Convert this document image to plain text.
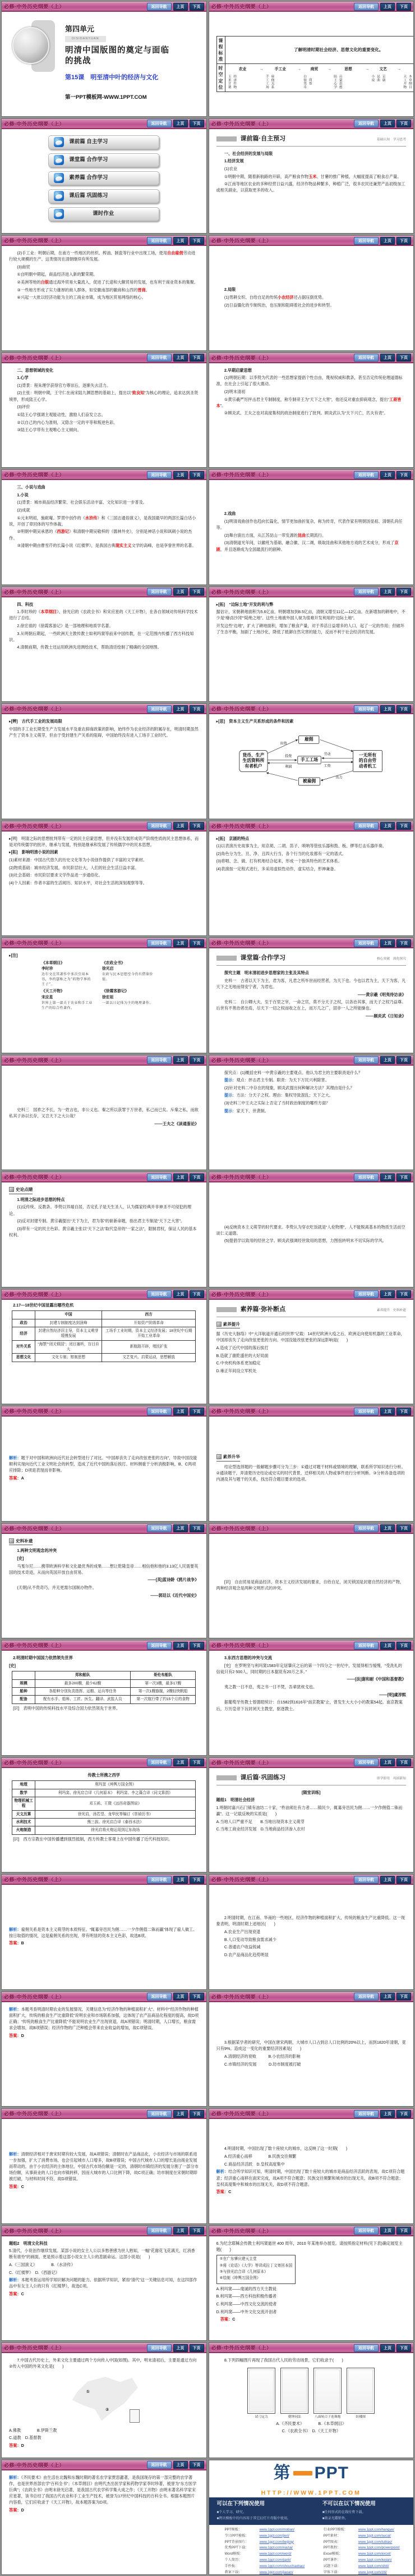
必修·中外历史纲要（上）	返回导航	上页	下页
第四单元
DISIDANYUAN
明清中国版图的奠定与面临
的挑战
第15课　明至清中叶的经济与文化
第一PPT模板网-WWW.1PPT.COM
必修·中外历史纲要（上）	返回导航	上页	下页
课程标准	了解明清时期社会经济、思想文化的重要变化。
时空定位	
农业
玉米甘薯 经济作物
→	手工业
手工工场 雇佣关系
→ 商贸
白银货币 商帮
→	思想
陆王心学 启蒙思想
→	文艺
小说 昆曲 京剧
→
天工开物 本草纲目
必修·中外历史纲要（上）	返回导航	上页	下页
课前篇 自主学习
课堂篇 合作学习
素养篇 合作学习
课后篇 巩固练习
课时作业
必修·中外历史纲要（上）	返回导航	上页	下页
课前篇·自主预习	基础认知　学习思考
　　一、社会经济的发展与局限
　　1.经济发展
　　(1)农业
　　①明朝中期，随着新航路的开辟，高产粮食作物玉米、甘薯的推广种植，大幅度提高了粮食总产量。
　　②江南等地区农业的多种经营日益兴盛，经济作物品种繁多，种植广泛，很多农民还兼营产品初级加工或相关副业，以获取更多的收入。
必修·中外历史纲要（上）	返回导航	上页	下页
　　(2)手工业：明朝后期，在南方一些地区的丝织、榨油、制瓷等行业中出现工场，使用自由雇佣劳动进行较大规模的生产。这类情况在清朝继续有所发展。
　　(3)商贸
　　①自明朝中期起，商品经济进入新的繁荣期。
　　②美洲等地的白银通过海外贸易大量流入，促进了长途和大额贸易的发展，也有利于商业资本的集聚。
　　③一些地方形成了实力雄厚的商人群体，如安徽南部的徽商和山西的晋商。
　　④兴起一大批以经济功能为主的工商业市镇，成为地区贸易网络的核心。
必修·中外历史纲要（上）	返回导航	上页	下页
　　2.局限
　　(1)男耕女织、自给自足的传统小农经济还占据压倒优势。
　　(2)日益僵化的专制统治，也压制和阻碍着社会的进步和转型。
必修·中外历史纲要（上）	返回导航	上页	下页
　　二、思想领域的变化
　　1.心学
　　(1)背景：程朱理学获得官方尊崇后，逐渐失去活力。
　　(2)主张：明朝中期，王守仁在南宋陆九渊思想的基础上，提出以“致良知”为核心的理论，追求达到圣贤境界，形成陆王心学。
　　(3)评价
　　①陆王心学强调主观能动性，激励人们奋发立志。
　　②以自己的内心为准则，又隐含一定的平等和叛逆色彩。
　　③陆王心学带有主观唯心主义倾向。
必修·中外历史纲要（上）	返回导航	上页	下页
　　2.早期启蒙思想
　　(1)明朝后期：以李贽为代表的一些思想家提倡个性自由，蔑视权威和教条，甚至否定传统伦理道德标准，在社会上引起了很大震动。
　　(2)明末清初
　　①黄宗羲严厉抨击君主专制制度，称专制帝王为“天下之大害”，他还反对重农抑商观念，提出“工商皆本”。
　　②顾炎武、王夫之也对高度集权的政治制度进行了批判。顾炎武认为“天下兴亡，匹夫有责”。
必修·中外历史纲要（上）	返回导航	上页	下页
　　三、小说与戏曲
　　1.小说
　　(1)背景：城市商品经济繁荣、社会娱乐活动丰富、文化知识进一步普及。
　　(2)成就
　　①元末明初，施耐庵、罗贯中创作的《水浒传》和《三国志通俗演义》，是我国最早的两部长篇白话小说，开创了章回体的写作体裁。
　　②明朝中期吴承恩的《西游记》和清朝中期吴敬梓的《儒林外史》，分别是神话小说和讽刺小说的杰作。
　　③清朝中期由曹雪芹的长篇小说《红楼梦》，是我国古典现实主义文学的高峰，也是享誉世界的名著。
必修·中外历史纲要（上）	返回导航	上页	下页
　　2.戏曲
　　(1)明清戏曲创作也趋向长篇化，情节更加曲折复杂，称为传奇，代表作家有明朝汤显祖、清朝孔尚任等。
　　(2)舞台演出方面，从江苏昆山一带发源的昆曲长期流行。
　　(3)清朝道光年间，以徽班为基础，融合徽、汉二调，吸取昆曲和其他地方戏的艺术成分，形成了京剧，并且逐渐成为全国最流行的剧种。
必修·中外历史纲要（上）	返回导航	上页	下页
　　四、科技
　　1.李时珍的《本草纲目》、徐光启的《农政全书》和宋应星的《天工开物》，在各自领域对传统科学技术进行了总结。
　　2.徐宏祖的《徐霞客游记》是一部地理和地质学名著。
　　3.从明朝后期起，一些欧洲天主教传教士如利玛窦等前来中国传教，在一定范围内传播了西方科技知识。
　　4.清朝前期，传教士还运用欧洲先进测绘技术，帮助清廷绘制了精确的全国地图。
必修·中外历史纲要（上）	返回导航	上页	下页
▸[拓]　“边际土地”开发的利与弊
据估计，宋朝耕地面积为5.6亿亩，明朝增加到8.5亿亩，清朝又增至11亿—12亿亩。在新增加的耕地中，不少是“瘠卤沙冈”“陡绝之地”。这些土地被外国人视为很难开发利用的“边际土地”。
开发这些“边地”，扩大了耕地面积，增加了粮食产量，对于养活日益增多的人口，起了一定的作用；但破坏了生态平衡，加剧了土地沙化，降低了抵御自然灾害的能力，反而不利于社会经济的发展。
必修·中外历史纲要（上）	返回导航	上页	下页
▸[辨]　古代手工业的发展局限
中国的手工业长期受生产力发展水平及重农抑商政策的影响，始终作为农业经济的附属存在，明清时期虽然产生了资本主义萌芽，但由于受封建生产关系的阻碍，中国始终没有进入工场手工业时代。
必修·中外历史纲要（上）	返回导航	上页	下页
▸[思]　资本主义生产关系形成的条件和因素
货币、生产
生活资料所
有者机户
雇佣
手工工场
一无所有
的自由劳
动者机工
被雇佣
出资
投资
利润
劳动
工资
出力
必修·中外历史纲要（上）	返回导航	上页	下页
▸[辨]　明清之际的思想批判带有一定的民主启蒙思想，但并没有发展形成资产阶级性质的民主思想体系，而是对传统儒学的批评、继承与发展，特别是继承和发展了传统儒学中的民本思想。
▸[拓]　影响明清小说的因素
(1)素材来源：中国古代悠久的历史文化等为小说创作提供了丰富的文学素材。
(2)物质基础：城市经济发展，市民阶层壮大，人们的社会生活日益丰富。
(3)社会基础：市民阶层要求文学作品进一步通俗化。
(4)个人因素：作者丰富的生活阅历、知识水平，对社会生活的深刻观察等等。
必修·中外历史纲要（上）	返回导航	上页	下页
▸[拓]　京剧的特点
(1)以表演历史故事为主，用京胡、二胡、笛子、唢呐等管弦乐器和鼓、板、锣等打击乐器伴奏。
(2)角色分为生、旦、净、丑四大行当，各个行当的化妆都有一定的谱式。
(3)将唱、念、做、打有机地结合起来，形成一个独具特色的艺术体系。
(4)表演按一定程式进行，多采用虚拟性动作，虚实结合，形神兼备。
必修·中外历史纲要（上）	返回导航	上页	下页
▸[注]
《本草纲目》
李时珍
达尔文在其著作中多次引用本书，李约瑟称之为“药物学界的王子”。
《农政全书》
徐光启
农政与民本思想至今仍有借鉴价值。
《天工开物》
宋应星
世界上第一部关于农业和手工业生产的综合性著作。
《徐霞客游记》
徐宏祖
一部以日记体为主的地理著作。
必修·中外历史纲要（上）	返回导航	上页	下页
课堂篇·合作学习	核心突破　深化探究
　　探究主题　明末清初进步思想家的主张及其特点
　　史料一　古者以天下为主，君为客，凡君之所毕世而经营者，为天下也。今也以君为主，天下为客，凡天下之无地而得安宁者，为君也。
——黄宗羲《明夷待访录》
　　史料二　自公卿大夫，至于百里之宰，一命之官，莫不分天子之权，以各治其事，而天子之权乃益尊。后世有不善治者出焉，尽天下一切之权而收之在上，而万几之广，固非一人之所能操也。
——顾炎武《日知录》
必修·中外历史纲要（上）	返回导航	上页	下页
　　史料三　国祚之不长，为一姓言也，非公义也。秦之所以获罪于万世者，私己而已矣。斥秦之私，而欲私其子孙以长存，又岂天下之大公哉？
——王夫之《读通鉴论》
必修·中外历史纲要（上）	返回导航	上页	下页
　　探究点：(1)概括史料一中黄宗羲的主要观点。他认为君主的主要职责是什么？
　　提示：观点：抨击君主专制。职责：为天下万民兴利除害。
　　(2)针对史料二中存在的现象，顾炎武提出何种解决方法？其理由是什么？
　　提示：方法：分天子之权。理由：集权导致混乱；天下之大。
　　(3)史料三中王夫之实际上否定了当时政治制度的哪些方面？
　　提示：家天下、世袭制。
必修·中外历史纲要（上）	返回导航	上页	下页
史论点睛
　　1.明清之际进步思想的特点
　　(1)反传统、反教条。李贽以异端自居，否定孔子是天生圣人，认为儒家经典并非神圣不可侵犯的理论。
　　(2)反对封建专制。黄宗羲提出“天下为主，君为客”的崭新命题，指出君主专制是“天下之大害”。
　　(3)带有一定的民主色彩。黄宗羲主张以“天下之法”取代皇帝的“一家之法”，限制君权，保证人民的基本权利。
必修·中外历史纲要（上）	返回导航	上页	下页
　　(4)反映资本主义萌芽的时代要求。李贽认为穿衣吃饭就是“人伦物理”，人不能脱离基本的物质生活而空谈仁义道德。
　　(5)提倡学以致用的经世之学。顾炎武强调经世致用的思想，力图扭转明末不切实际的学风。
必修·中外历史纲要（上）	返回导航	上页	下页
　2.17—18世纪中国显露出哪些危机
	中国	西方
政治	封建专制制度达到顶峰	开始资产阶级革命
经济	封建自然经济居主导，资本主义萌芽缓慢发展	工场手工业时期，资本主义经济发展；18世纪中后期开始工业革命
对外关系	“海禁”“闭关锁国”；闭目塞听，盲目自大	新航路开辟，殖民扩张
思想文化	文化专制；钳制思想	文艺复兴、启蒙运动，思想解放
必修·中外历史纲要（上）	返回导航	上页	下页
素养篇·弥补断点	素养提升　史料补遗
素养提升
据《历史大脉络》中“大洋航道开通后的世界”记载：14世纪欧洲大疫之后，欧洲走向使用机器的工业革命，中国却丧失了走向改弦更张的方向。中国没能改弦更张的深远影响是(　　)
A.造成了近代中国的落后挨打
B.造就了康乾盛世的大好局面
C.中央机构体系更加稳定
D.雍正年间设立军机处
必修·中外历史纲要（上）	返回导航	上页	下页
解析：题干对中国和欧洲向近代社会转型进行了对比。“中国却丧失了走向改弦更张的方向”，导致中国没能顺利实现向近代工业文明社会的转型，造成了近代中国的落后挨打。材料侧重于分析消极影响，B、C两项应排除；D项是表现而非影响。
答案：A
必修·中外历史纲要（上）	返回导航	上页	下页
素养升华
　　结论型选择题的一般解题步骤可分为三步：①通过对题干材料或情境的理解，联系所学知识进行分析。②通读题干，弄清楚历史结论或史实的时代背景，迁移相关的人物或事件进行分析判断。③分析各备选项的内涵及其与题干的关系，找出符合题目要求的选项。
必修·中外历史纲要（上）	返回导航	上页	下页
史料补遗
　　1.两种文明观念的冲突
　　[史]
　　马戛尔尼……携带欧洲科学和文化最优秀的成果……想让乾隆皇帝……相信他和他的3.13亿人民需要英国的技术奇迹，从而向英国开放自由贸易。
——[英]蓝诗龄《鸦片战争》
　　(天朝)从不贵奇巧，并无更需尔国制办物件。
——郭廷以《近代中国史》
必修·中外历史纲要（上）	返回导航	上页	下页
　　[识]　自由贸易是商品经济、资本主义经济发展的要求，自给自足，闭关锁国是封建自然经济的产物，两种经济观念是两种文明形式的冲突。
必修·中外历史纲要（上）	返回导航	上页	下页
　2.明清时期中国国力依然领先世界
[史]
	郑和船队	哥伦布船队
规模	最多200艘，最少62艘	第一次3艘，最多17艘
船种	各船种分别负责指挥、运粮、运兵等任务	第一次1艘旗舰，2艘轻快帆船
配备	配有水手、船师、工匠、医生、翻译、武装人员	第一次航行带了约15个月的食物
　[识]　表明中国的传统科技水平及综合国力依然领先于世界。
必修·中外历史纲要（上）	返回导航	上页	下页
　　3.东西方思想的冲突与交流
　　[史]　在罗明坚与利玛窦1583年定居肇庆之后的第一个四分之一世纪中，发展得相当缓慢，“受洗礼的信徒只有2 500人，同时期的日本据说有20万之多。”
——[法]谢和耐《中国和基督教》
　　夷之教一日不息，夷之书一日不焚，吾辈犹枕戈也。
——[明]虞淳熙
　　据葡萄牙传教士曾德昭统计：自1582到1616年“南京教案”止，曾发生大大小小的教案54起。南京教案后，万历皇帝下旨封闭天主教堂，驱逐教士。
必修·中外历史纲要（上）	返回导航	上页	下页
传教士所携之西学
地理	利玛窦《坤舆万国全图》
数学	利玛窦、徐光启合译《几何原本》　利玛窦、李之藻合译《同文算指》
物理机械工程	邓玉函、王徵《远西奇器图说》
天文历算	徐光启，汤若望、龙华民等编订《崇祯历书》
水利技术	熊三拔、徐光启合译《泰西水法》
火炮制造	徐光启将火炮运用到辽东战场
　[识]　西方宗教在中国传播遭到强烈抵制，西方传教士客观上在中国传播了近代科技知识。
必修·中外历史纲要（上）	返回导航	上页	下页
课后篇·巩固练习	即学即用　巩固新知
[随堂训练]
题组1　明清社会经济
1.明朝时嘉兴石门镇有油坊二十家，“杵油须壮有力者……镇民少，辄募旁邑民为佣……一夕作佣值二铢而赢”。这一记载反映的实质是(　　)
A.当地人口严重不足　　B.当地出现资本主义萌芽
C.当地工商业经济发展　D.当地商品经济渗入农村
必修·中外历史纲要（上）	返回导航	上页	下页
解析：雇佣关系是资本主义萌芽的本质特征。“辄募旁邑民为佣……一夕作佣值二铢而赢”体现了雇人做工、按日取值的情况，这是雇佣关系的出现，带有明显的资本主义色彩，故选B项。
答案：B
必修·中外历史纲要（上）	返回导航	上页	下页
　　2.明清时期，在江南、华南的一些地区，经济作物的种植面积扩大，传统的粮食生产比重降低。这一现象表明，明清时期上述地区(　　)
　　A.农业生产出现衰退
　　B.人口变动导致粮食需求减少
　　C.普通农户收益锐减
　　D.农产品商品化趋势明显
必修·中外历史纲要（上）	返回导航	上页	下页
解析：本题考查明清时期农业的发展情况，关键信息为“经济作物的种植面积扩大”。材料中“经济作物的种植面积扩大，传统的粮食生产比重降低”说明农业和市场联系加强，这体现了农产品商品化程度的提高，故D项正确；“传统的粮食生产比重降低”不能说明农业生产出现衰退，故A项错误；明清时期，人口增长，粮食需求会增加，故B项错误；经济作物的广泛种植会带来农业收益的增加，故C项错误。
答案：D
必修·中外历史纲要（上）	返回导航	上页	下页
　　3.根据某学者的研究，中国在唐宋两朝，大城市人口占到总人口比例的20%以上，而到1820年清朝，竟只有9%。造成这一变化的重要经济因素是(　　)
　　A.清朝经济的衰败　　　B.小农经济的影响
　　C.市镇经济的发展　　　D.坊市制度被打破
必修·中外历史纲要（上）	返回导航	上页	下页
解析：清朝经济相对于唐宋时期有较大发展，故A项错误；清朝时农产品商品化，小农经济与市场的联系进一步加强，扩大了消费市场，也会引起城市人口增多，故B项错误；中国古代城市人口的增长是由商业发展而带动的，由于小农经济的主体地位，中国古代市场份额是一定的，清朝时市镇经济的发展分割了一部分市场份额，从事商业的人口也向市镇转移，因而大城市的人口比例下降，故C项正确；坊市制度在宋朝时期即被打破，与材料时间不符，故D项错误。
答案：C
必修·中外历史纲要（上）	返回导航	上页	下页
　　4.明清时期，中国出现了数十座较大的城市，这反映了这一时期(　　)
　　A.经济重心南移　　　　B.民族交往频繁
　　C.商品经济活跃　D.皇权高度集中
解析：结合所学知识可知，明清时期，中国出现了数十座较大的城市是商品经济活跃的表现，故C项符合题意；经济重心南移在南宋完成，故A项不符合题意；民族交往频繁和城市的出现无关，故B项不符合题意；皇权高度集中和城市的出现无关，故D项不符合题意。
答案：C
必修·中外历史纲要（上）	返回导航	上页	下页
题组2　明清文化科技
5.清代，小说创作继续发展。某部小说的女主人公以多愁善感为世人熟知，一幅“花谢花飞花满天，红消香断有谁怜”的画面，更是预示着这部小说女主人公的悲剧命运。这部小说是(　　)
A.《三国演义》　　　　B.《水浒传》
C.《红楼梦》　D.《西游记》
解析：本题考查运用所学知识解决问题的能力。依据所学知识，紧扣“清代”这一关键信息可知，在这四部作品中有女主人公的只有《红楼梦》，故选C项。
答案：C
必修·中外历史纲要（上）	返回导航	上页	下页
6.为纪念耶稣会传教士利玛窦逝世 400 周年，2010 年某地举办展览。请按照指定材料(见下表)确定展览主题(　　)
①在广东肇庆建天主堂
②将《论语》《大学》等译成拉丁文寄回本国
③与徐光启合译《几何原本》
④绘制《坤舆万国全图》
A.利玛窦——虔诚的西方天主教徒
B.利玛窦——西方科技积极传播者
C.利玛窦——中西文化交流的使者
D.利玛窦——中外文化交流开创者
　答案：C
必修·中外历史纲要（上）	返回导航	上页	下页
　　7.中国古代历史上，外来文化主要通过两个方向传入中国(如图)。其中，明末清初后，主要是通过方向②传入中国的外来文化是(　　)
①
②
A.佛教　　　　B.伊斯兰教
C.道教　D.基督教
答案：D
必修·中外历史纲要（上）	返回导航	上页	下页
　　8.下列四幅图片再现了我国古代人民的劳动场景，它们收录于(　　)
试弓定力	朝钟同法	八面转百子连珠炮	纺楼图
A.《齐民要术》　　　　B.《本草纲目》
C.《农政全书》　D.《天工开物》
必修·中外历史纲要（上）	返回导航	上页	下页
解析：《齐民要术》由生活在北魏和东魏时期的著名农学家贾思勰著，是我国现存的第一部完整的农学著作，也是世界首部农学“百科全书”；《本草纲目》由明代杰出医学家和药物学家李时珍著，被誉为“东方医学巨典”；《农政全书》由明末徐光启著，是我国古代农学科学集大成之作；《天工开物》由明末著名科学家宋应星著，该书总结了我国古代农业和手工业生产技术，被誉为17世纪中国科技的百科全书。根据本题图片内容看，它们应收录于《天工开物》，故本题答案为D项。
答案：D
第 PPT
HTTP://WWW.1PPT.COM
可以在下列情况使用
■个人学习、研究。
■拷贝模板中的内容用于其它幻灯片母版中使用。
不可以在以下情况使用
■任何形式的在线付费下载。
■刻录光碟销售。
PPT模板：	www.1ppt.com/moban/
节日PPT模板：	www.1ppt.com/jieri/
PPT背景图片：	www.1ppt.com/beijing/
优秀PPT下载：	www.1ppt.com/xiazai/
Word模板：	www.1ppt.com/word/
个人简历：	www.1ppt.com/jianli/
手抄报：	www.1ppt.com/shouchaobao/
教案下载：	www.1ppt.com/jiaoan/
行业PPT模板：	www.1ppt.com/hangye/
PPT素材：	www.1ppt.com/sucai/
PPT图表：	www.1ppt.com/tubiao/
PPT教程：	www.1ppt.com/powerpoint/
Excel模板：	www.1ppt.com/excel/
PPT课件：	www.1ppt.com/kejian/
试题下载：	www.1ppt.com/shiti/
字体下载：	www.1ppt.com/ziti/
